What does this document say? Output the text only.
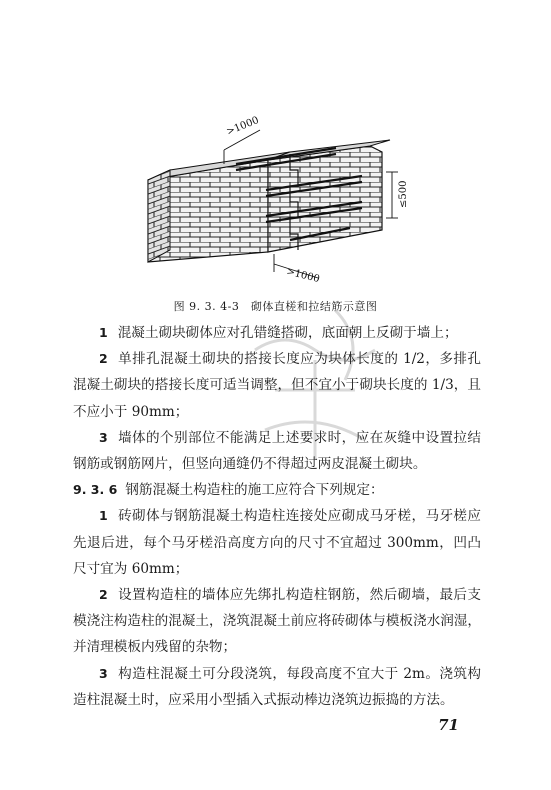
>1000
≤500
>1000
图 9. 3. 4-3　砌体直槎和拉结筋示意图

1 混凝土砌块砌体应对孔错缝搭砌，底面朝上反砌于墙上；

2 单排孔混凝土砌块的搭接长度应为块体长度的 1/2，多排孔混凝土砌块的搭接长度可适当调整，但不宜小于砌块长度的 1/3，且不应小于 90mm；

3 墙体的个别部位不能满足上述要求时，应在灰缝中设置拉结钢筋或钢筋网片，但竖向通缝仍不得超过两皮混凝土砌块。

9. 3. 6 钢筋混凝土构造柱的施工应符合下列规定：

1 砖砌体与钢筋混凝土构造柱连接处应砌成马牙槎，马牙槎应先退后进，每个马牙槎沿高度方向的尺寸不宜超过 300mm，凹凸尺寸宜为 60mm；

2 设置构造柱的墙体应先绑扎构造柱钢筋，然后砌墙，最后支模浇注构造柱的混凝土，浇筑混凝土前应将砖砌体与模板浇水润湿，并清理模板内残留的杂物；

3 构造柱混凝土可分段浇筑，每段高度不宜大于 2m。浇筑构造柱混凝土时，应采用小型插入式振动棒边浇筑边振捣的方法。

71
